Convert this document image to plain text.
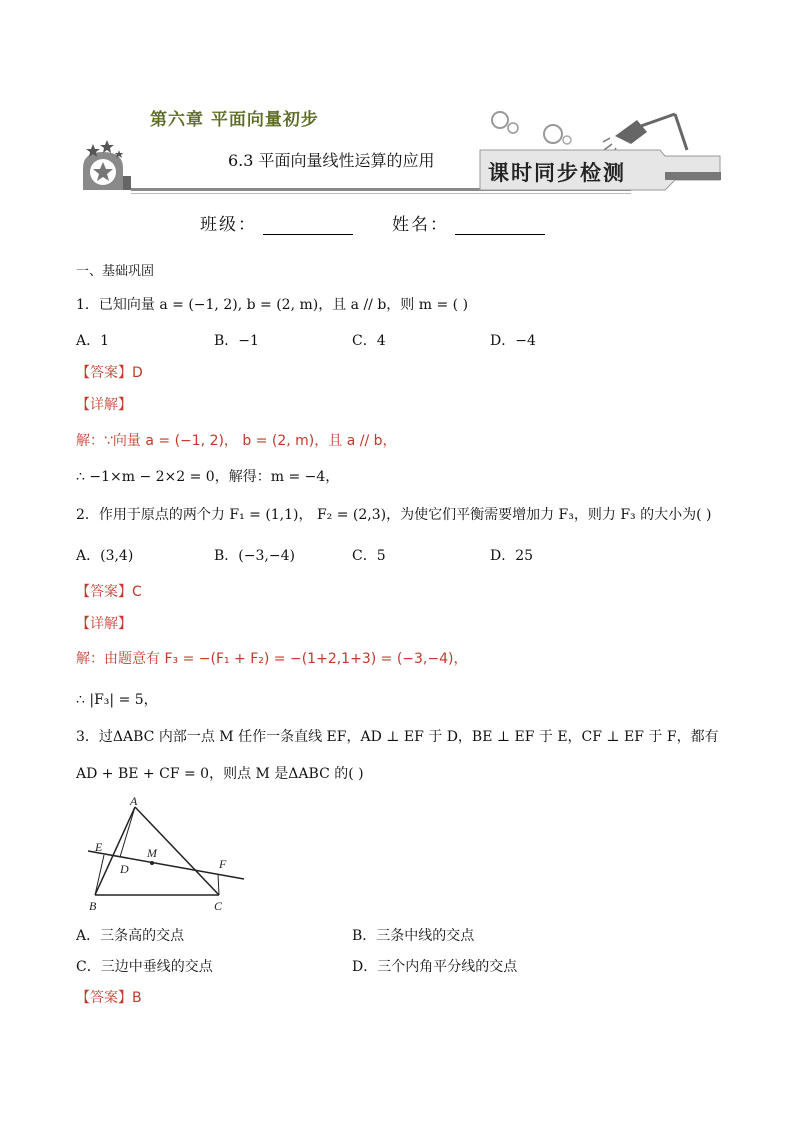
第六章 平面向量初步
6.3 平面向量线性运算的应用
课时同步检测
班级：	姓名：
一、基础巩固
1．已知向量 a = (−1, 2), b = (2, m)，且 a // b，则 m = ( )
A．1	B．−1	C．4	D．−4
【答案】D
【详解】
解：∵向量 a = (−1, 2)， b = (2, m)，且 a // b，
∴ −1×m − 2×2 = 0，解得：m = −4，
2．作用于原点的两个力 F₁ = (1,1)， F₂ = (2,3)，为使它们平衡需要增加力 F₃，则力 F₃ 的大小为( )
A．(3,4)	B．(−3,−4)	C．5	D．25
【答案】C
【详解】
解：由题意有 F₃ = −(F₁ + F₂) = −(1+2,1+3) = (−3,−4)，
∴ |F₃| = 5，
3．过ΔABC 内部一点 M 任作一条直线 EF，AD ⊥ EF 于 D，BE ⊥ EF 于 E，CF ⊥ EF 于 F，都有
AD + BE + CF = 0，则点 M 是ΔABC 的( )
A
E	M
D	F
B	C
A．三条高的交点	B．三条中线的交点
C．三边中垂线的交点	D．三个内角平分线的交点
【答案】B
